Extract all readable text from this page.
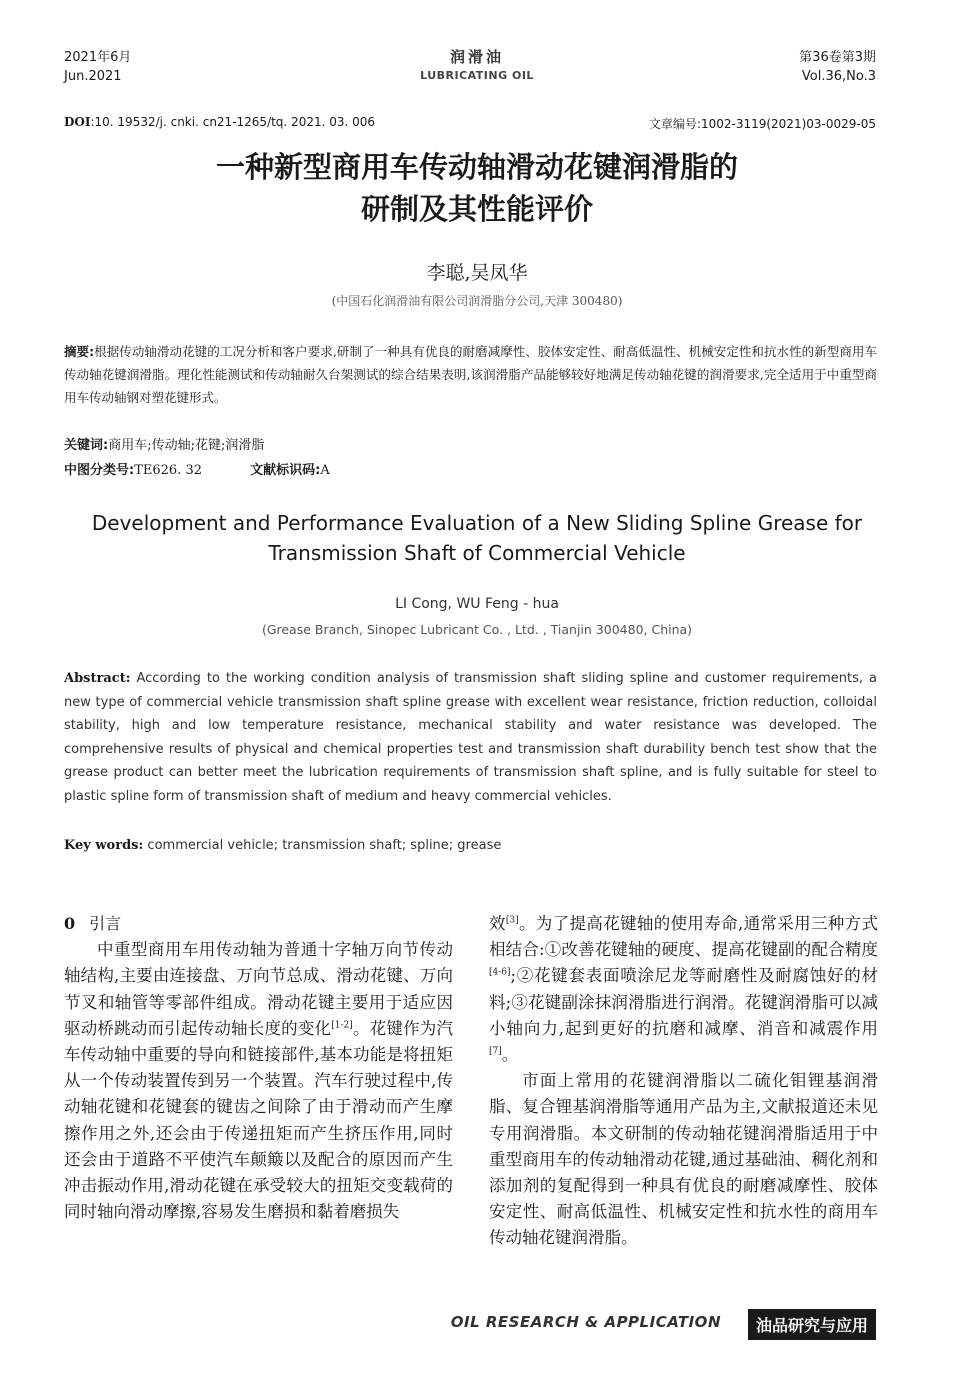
2021年6月
Jun.2021
润滑油
LUBRICATING OIL
第36卷第3期
Vol.36,No.3
DOI:10. 19532/j. cnki. cn21-1265/tq. 2021. 03. 006	文章编号:1002-3119(2021)03-0029-05
一种新型商用车传动轴滑动花键润滑脂的
研制及其性能评价
李聪,吴凤华
(中国石化润滑油有限公司润滑脂分公司,天津 300480)
摘要:根据传动轴滑动花键的工况分析和客户要求,研制了一种具有优良的耐磨减摩性、胶体安定性、耐高低温性、机械安定性和抗水性的新型商用车传动轴花键润滑脂。理化性能测试和传动轴耐久台架测试的综合结果表明,该润滑脂产品能够较好地满足传动轴花键的润滑要求,完全适用于中重型商用车传动轴钢对塑花键形式。
关键词:商用车;传动轴;花键;润滑脂
中图分类号:TE626. 32	文献标识码:A
Development and Performance Evaluation of a New Sliding Spline Grease for
Transmission Shaft of Commercial Vehicle
LI Cong, WU Feng - hua
(Grease Branch, Sinopec Lubricant Co. , Ltd. , Tianjin 300480, China)
Abstract: According to the working condition analysis of transmission shaft sliding spline and customer requirements, a new type of commercial vehicle transmission shaft spline grease with excellent wear resistance, friction reduction, colloidal stability, high and low temperature resistance, mechanical stability and water resistance was developed. The comprehensive results of physical and chemical properties test and transmission shaft durability bench test show that the grease product can better meet the lubrication requirements of transmission shaft spline, and is fully suitable for steel to plastic spline form of transmission shaft of medium and heavy commercial vehicles.
Key words: commercial vehicle; transmission shaft; spline; grease
0 引言

中重型商用车用传动轴为普通十字轴万向节传动轴结构,主要由连接盘、万向节总成、滑动花键、万向节叉和轴管等零部件组成。滑动花键主要用于适应因驱动桥跳动而引起传动轴长度的变化[1-2]。花键作为汽车传动轴中重要的导向和链接部件,基本功能是将扭矩从一个传动装置传到另一个装置。汽车行驶过程中,传动轴花键和花键套的键齿之间除了由于滑动而产生摩擦作用之外,还会由于传递扭矩而产生挤压作用,同时还会由于道路不平使汽车颠簸以及配合的原因而产生冲击振动作用,滑动花键在承受较大的扭矩交变载荷的同时轴向滑动摩擦,容易发生磨损和黏着磨损失

效[3]。为了提高花键轴的使用寿命,通常采用三种方式相结合:①改善花键轴的硬度、提高花键副的配合精度[4-6];②花键套表面喷涂尼龙等耐磨性及耐腐蚀好的材料;③花键副涂抹润滑脂进行润滑。花键润滑脂可以减小轴向力,起到更好的抗磨和减摩、消音和减震作用[7]。

市面上常用的花键润滑脂以二硫化钼锂基润滑脂、复合锂基润滑脂等通用产品为主,文献报道还未见专用润滑脂。本文研制的传动轴花键润滑脂适用于中重型商用车的传动轴滑动花键,通过基础油、稠化剂和添加剂的复配得到一种具有优良的耐磨减摩性、胶体安定性、耐高低温性、机械安定性和抗水性的商用车传动轴花键润滑脂。

OIL RESEARCH & APPLICATION	油品研究与应用
